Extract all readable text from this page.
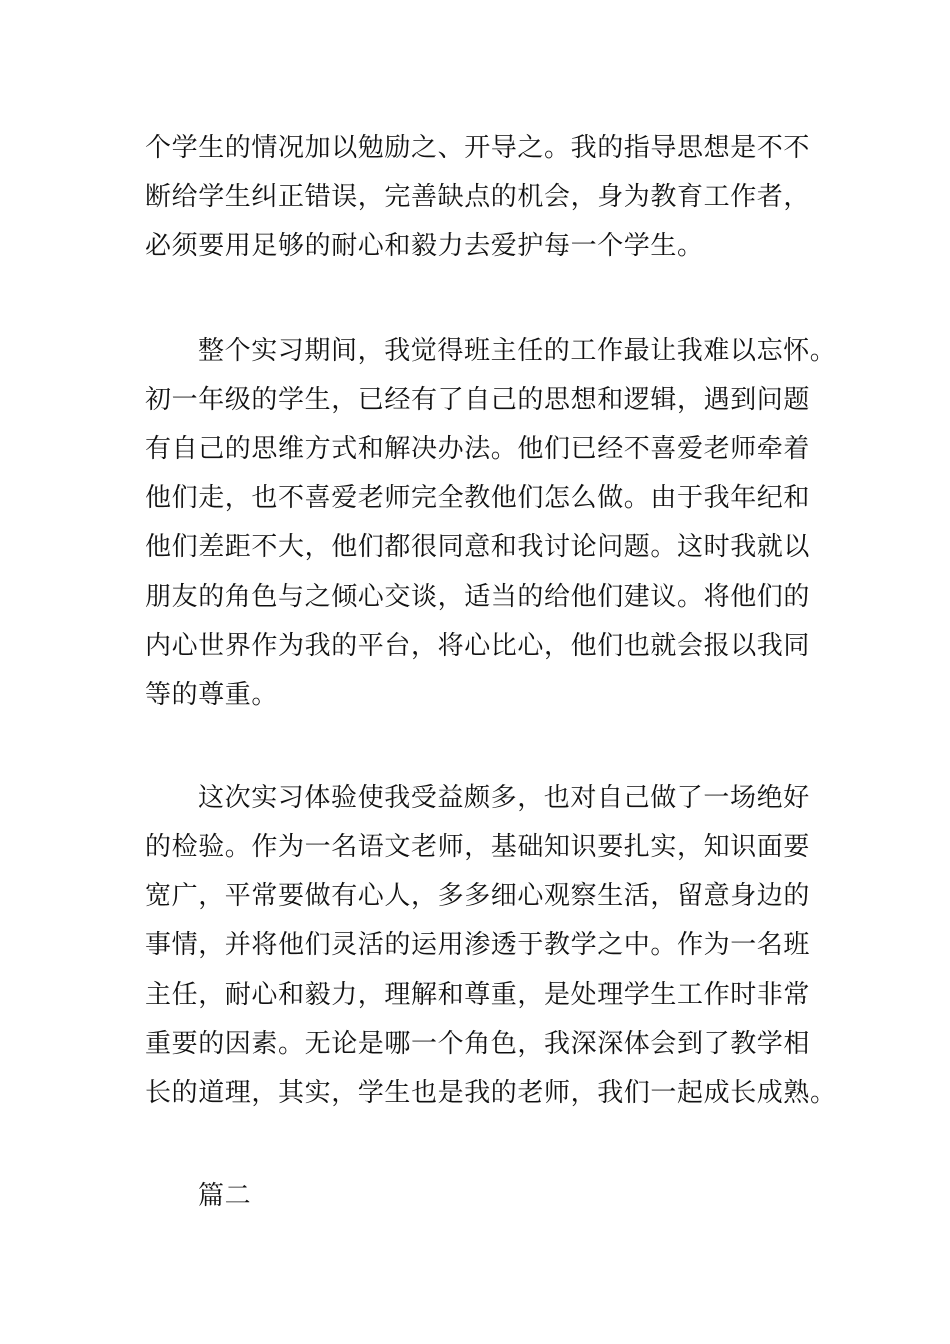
个学生的情况加以勉励之、开导之。我的指导思想是不不
断给学生纠正错误，完善缺点的机会，身为教育工作者，
必须要用足够的耐心和毅力去爱护每一个学生。
整个实习期间，我觉得班主任的工作最让我难以忘怀。
初一年级的学生，已经有了自己的思想和逻辑，遇到问题
有自己的思维方式和解决办法。他们已经不喜爱老师牵着
他们走，也不喜爱老师完全教他们怎么做。由于我年纪和
他们差距不大，他们都很同意和我讨论问题。这时我就以
朋友的角色与之倾心交谈，适当的给他们建议。将他们的
内心世界作为我的平台，将心比心，他们也就会报以我同
等的尊重。
这次实习体验使我受益颇多，也对自己做了一场绝好
的检验。作为一名语文老师，基础知识要扎实，知识面要
宽广，平常要做有心人，多多细心观察生活，留意身边的
事情，并将他们灵活的运用渗透于教学之中。作为一名班
主任，耐心和毅力，理解和尊重，是处理学生工作时非常
重要的因素。无论是哪一个角色，我深深体会到了教学相
长的道理，其实，学生也是我的老师，我们一起成长成熟。
篇二
